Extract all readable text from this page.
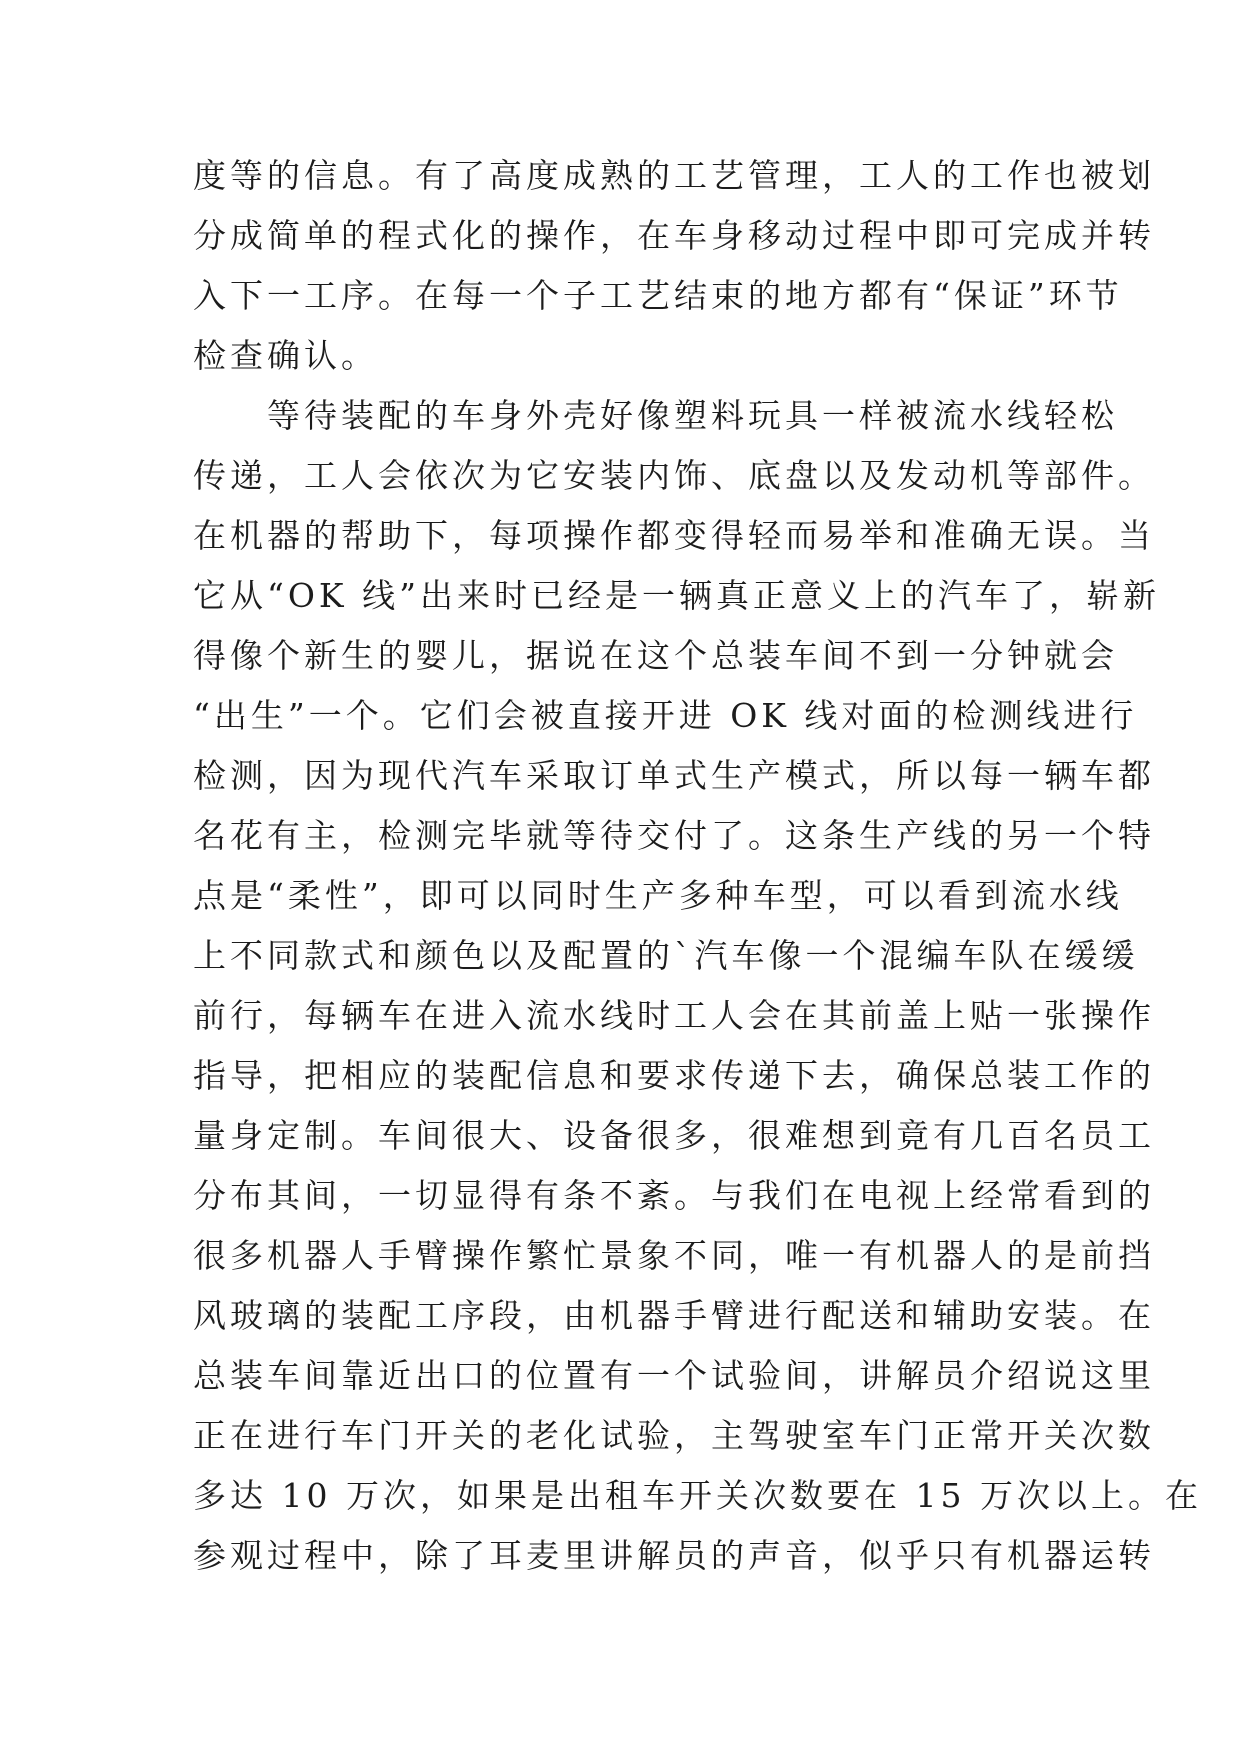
度等的信息。有了高度成熟的工艺管理，工人的工作也被划
分成简单的程式化的操作，在车身移动过程中即可完成并转
入下一工序。在每一个子工艺结束的地方都有“保证”环节
检查确认。
　　等待装配的车身外壳好像塑料玩具一样被流水线轻松
传递，工人会依次为它安装内饰、底盘以及发动机等部件。
在机器的帮助下，每项操作都变得轻而易举和准确无误。当
它从“OK 线”出来时已经是一辆真正意义上的汽车了，崭新
得像个新生的婴儿，据说在这个总装车间不到一分钟就会
“出生”一个。它们会被直接开进 OK 线对面的检测线进行
检测，因为现代汽车采取订单式生产模式，所以每一辆车都
名花有主，检测完毕就等待交付了。这条生产线的另一个特
点是“柔性”，即可以同时生产多种车型，可以看到流水线
上不同款式和颜色以及配置的`汽车像一个混编车队在缓缓
前行，每辆车在进入流水线时工人会在其前盖上贴一张操作
指导，把相应的装配信息和要求传递下去，确保总装工作的
量身定制。车间很大、设备很多，很难想到竟有几百名员工
分布其间，一切显得有条不紊。与我们在电视上经常看到的
很多机器人手臂操作繁忙景象不同，唯一有机器人的是前挡
风玻璃的装配工序段，由机器手臂进行配送和辅助安装。在
总装车间靠近出口的位置有一个试验间，讲解员介绍说这里
正在进行车门开关的老化试验，主驾驶室车门正常开关次数
多达 10 万次，如果是出租车开关次数要在 15 万次以上。在
参观过程中，除了耳麦里讲解员的声音，似乎只有机器运转
